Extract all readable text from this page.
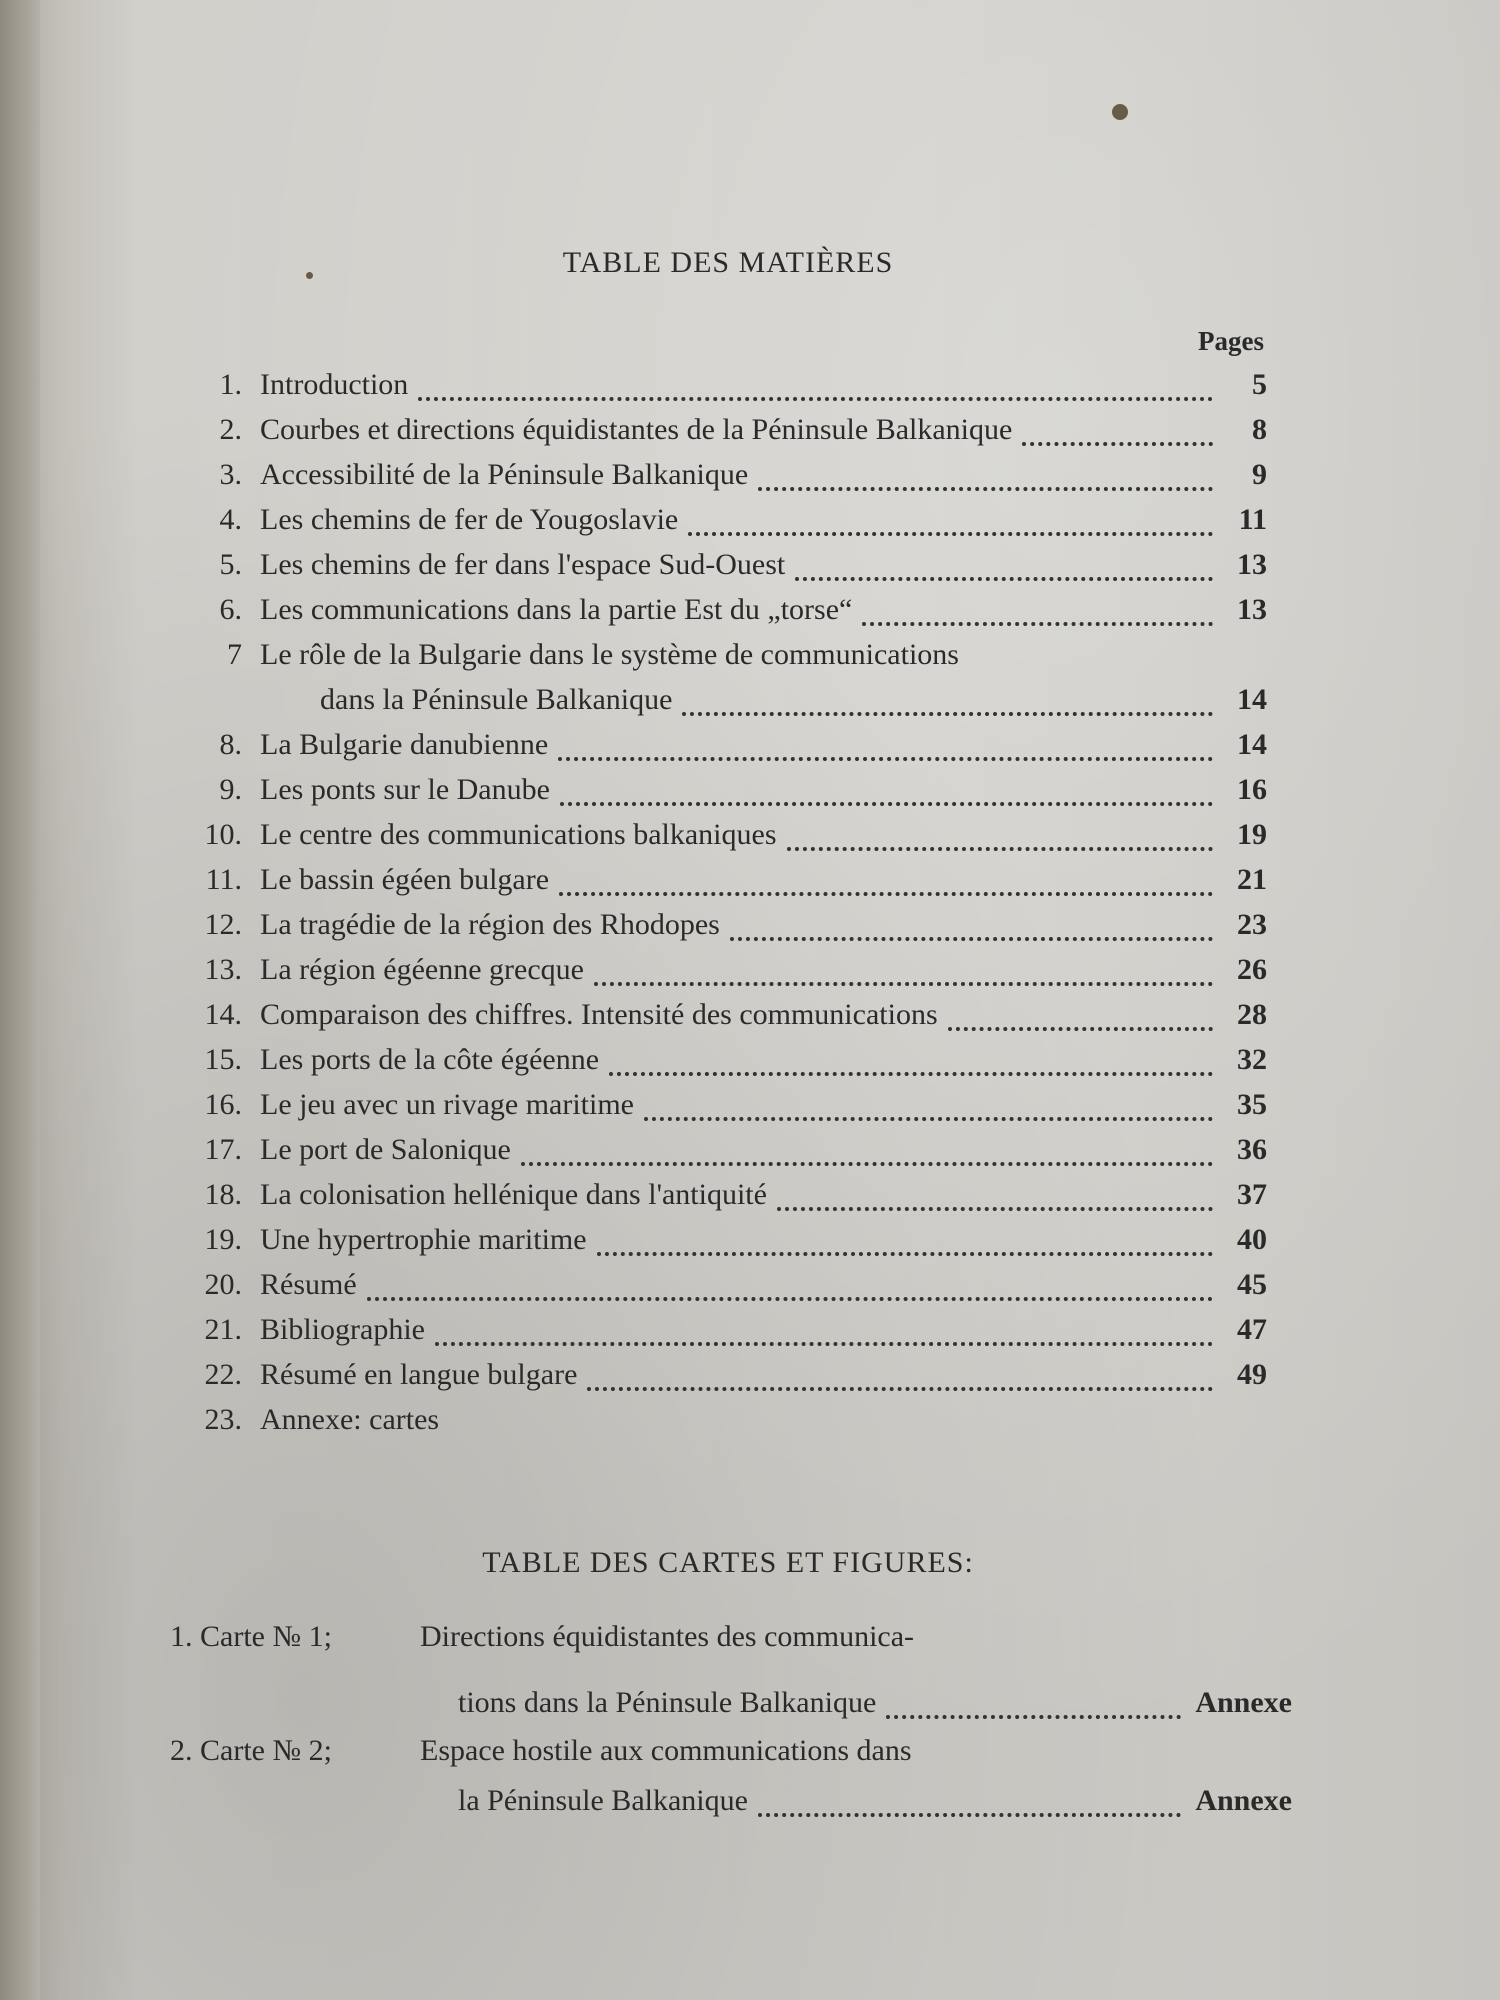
TABLE DES MATIÈRES
Pages
1. Introduction	5
2. Courbes et directions équidistantes de la Péninsule Balkanique	8
3. Accessibilité de la Péninsule Balkanique	9
4. Les chemins de fer de Yougoslavie	11
5. Les chemins de fer dans l'espace Sud-Ouest	13
6. Les communications dans la partie Est du „torse“	13
7 Le rôle de la Bulgarie dans le système de communications
dans la Péninsule Balkanique	14
8. La Bulgarie danubienne	14
9. Les ponts sur le Danube	16
10. Le centre des communications balkaniques	19
11. Le bassin égéen bulgare	21
12. La tragédie de la région des Rhodopes	23
13. La région égéenne grecque	26
14. Comparaison des chiffres. Intensité des communications	28
15. Les ports de la côte égéenne	32
16. Le jeu avec un rivage maritime	35
17. Le port de Salonique	36
18. La colonisation hellénique dans l'antiquité	37
19. Une hypertrophie maritime	40
20. Résumé	45
21. Bibliographie	47
22. Résumé en langue bulgare	49
23. Annexe: cartes
TABLE DES CARTES ET FIGURES:
1. Carte № 1;	Directions équidistantes des communica-
tions dans la Péninsule Balkanique	Annexe
2. Carte № 2;	Espace hostile aux communications dans
la Péninsule Balkanique	Annexe
